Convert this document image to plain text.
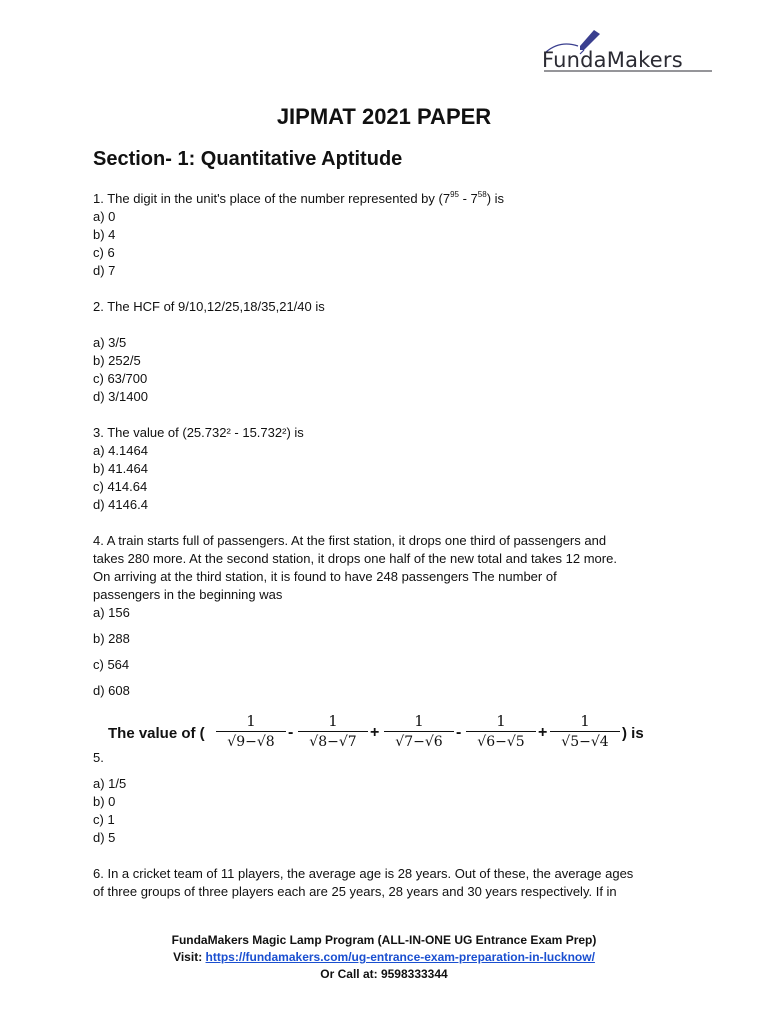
FundaMakers
JIPMAT 2021 PAPER
Section- 1: Quantitative Aptitude

1. The digit in the unit's place of the number represented by $(7^{95} - 7^{58})$ is

a) 0

b) 4

c) 6

d) 7

2. The HCF of 9/10,12/25,18/35,21/40 is

a) 3/5

b) 252/5

c) 63/700

d) 3/1400

3. The value of (25.732² - 15.732²) is

a) 4.1464

b) 41.464

c) 414.64

d) 4146.4

4. A train starts full of passengers. At the first station, it drops one third of passengers and

takes 280 more. At the second station, it drops one half of the new total and takes 12 more.

On arriving at the third station, it is found to have 248 passengers The number of

passengers in the beginning was

a) 156

b) 288

c) 564

d) 608

The value of (
1
√9−√8
-
1
√8−√7
+
1
√7−√6
-
1
√6−√5
+
1
√5−√4 ) is
5.

a) 1/5

b) 0

c) 1

d) 5

6. In a cricket team of 11 players, the average age is 28 years. Out of these, the average ages

of three groups of three players each are 25 years, 28 years and 30 years respectively. If in

FundaMakers Magic Lamp Program (ALL-IN-ONE UG Entrance Exam Prep)
Visit: https://fundamakers.com/ug-entrance-exam-preparation-in-lucknow/
Or Call at: 9598333344
